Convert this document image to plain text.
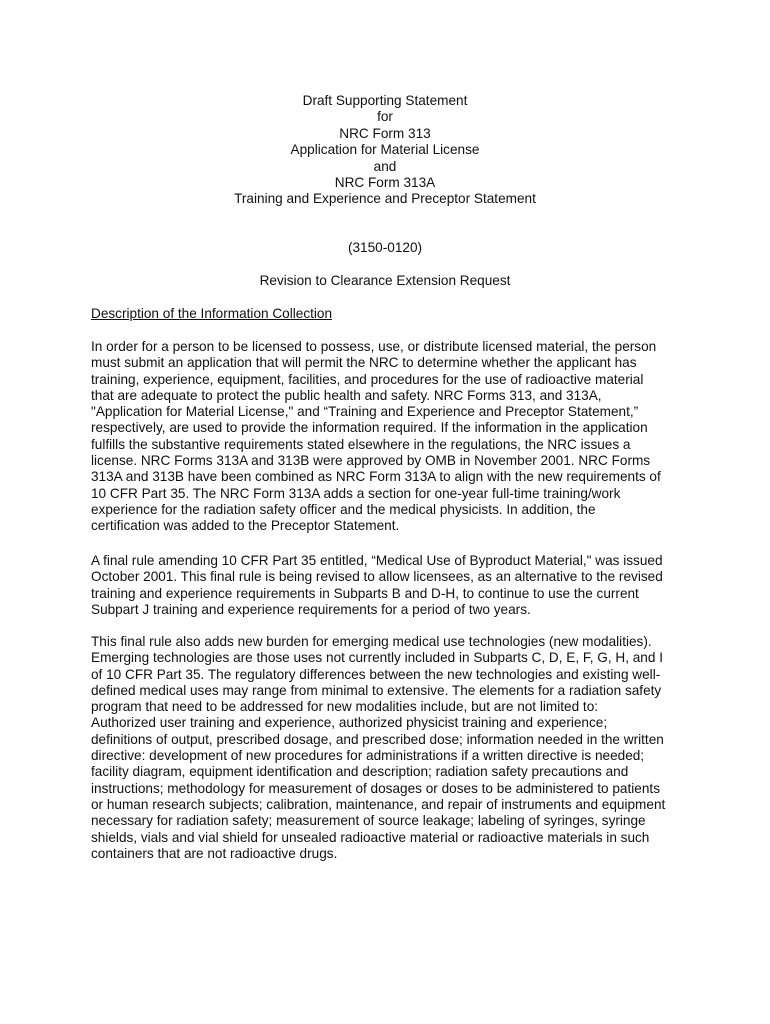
Draft Supporting Statement
for
NRC Form 313
Application for Material License
and
NRC Form 313A
Training and Experience and Preceptor Statement
(3150-0120)
Revision to Clearance Extension Request
Description of the Information Collection
In order for a person to be licensed to possess, use, or distribute licensed material, the person
must submit an application that will permit the NRC to determine whether the applicant has
training, experience, equipment, facilities, and procedures for the use of radioactive material
that are adequate to protect the public health and safety. NRC Forms 313, and 313A,
"Application for Material License," and “Training and Experience and Preceptor Statement,”
respectively, are used to provide the information required. If the information in the application
fulfills the substantive requirements stated elsewhere in the regulations, the NRC issues a
license. NRC Forms 313A and 313B were approved by OMB in November 2001. NRC Forms
313A and 313B have been combined as NRC Form 313A to align with the new requirements of
10 CFR Part 35. The NRC Form 313A adds a section for one-year full-time training/work
experience for the radiation safety officer and the medical physicists. In addition, the
certification was added to the Preceptor Statement.
A final rule amending 10 CFR Part 35 entitled, “Medical Use of Byproduct Material," was issued
October 2001. This final rule is being revised to allow licensees, as an alternative to the revised
training and experience requirements in Subparts B and D-H, to continue to use the current
Subpart J training and experience requirements for a period of two years.
This final rule also adds new burden for emerging medical use technologies (new modalities).
Emerging technologies are those uses not currently included in Subparts C, D, E, F, G, H, and I
of 10 CFR Part 35. The regulatory differences between the new technologies and existing well-
defined medical uses may range from minimal to extensive. The elements for a radiation safety
program that need to be addressed for new modalities include, but are not limited to:
Authorized user training and experience, authorized physicist training and experience;
definitions of output, prescribed dosage, and prescribed dose; information needed in the written
directive: development of new procedures for administrations if a written directive is needed;
facility diagram, equipment identification and description; radiation safety precautions and
instructions; methodology for measurement of dosages or doses to be administered to patients
or human research subjects; calibration, maintenance, and repair of instruments and equipment
necessary for radiation safety; measurement of source leakage; labeling of syringes, syringe
shields, vials and vial shield for unsealed radioactive material or radioactive materials in such
containers that are not radioactive drugs.
